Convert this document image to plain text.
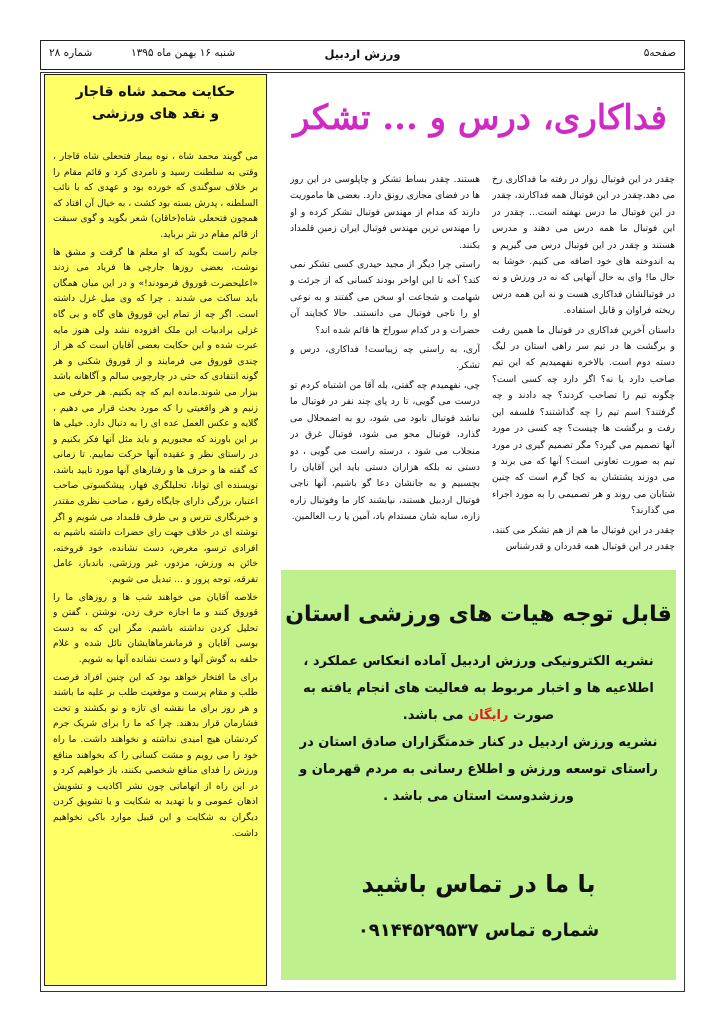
صفحه۵
ورزش اردبیل
شنبه ۱۶ بهمن ماه ۱۳۹۵
شماره ۲۸
حکایت محمد شاه قاجار
و نقد های ورزشی

می گویند محمد شاه ، نوه بیمار فتحعلی شاه قاجار ، وقتی به سلطنت رسید و نامردی کرد و قائم مقام را بر خلاف سوگندی که خورده بود و عهدی که با نائب السلطنه ، پدرش بسته بود کشت ، به خیال آن افتاد که همچون فتحعلی شاه(خاقان) شعر بگوید و گوی سبقت از قائم مقام در نثر برباید.

جانم راست بگوید که او معلم ها گرفت و مشق ها نوشت، بعضی روزها جارچی ها فریاد می زدند «اعلیحضرت قوروق فرمودند!» و در این میان همگان باید ساکت می شدند . چرا که وی میل غزل داشته است. اگر چه از تمام این قوروق های گاه و بی گاه غزلی برادبیات این ملک افزوده نشد ولی هنوز مایه عبرت شده و این حکایت بعضی آقایان است که هر از چندی قوروق می فرمایند و از قوروق شکنی و هر گونه انتقادی که حتی در چارچوبی سالم و آگاهانه باشد بیزار می شوند.مانده ایم که چه بکنیم. هر حرفی می زنیم و هر واقعیتی را که مورد بحث قرار می دهیم ، گلایه و عکس العمل عده ای را به دنبال دارد. خیلی ها بر این باورند که مجبوریم و باید مثل آنها فکر بکنیم و در راستای نظر و عقیده آنها حرکت نماییم. تا زمانی که گفته ها و حرف ها و رفتارهای آنها مورد تایید باشد، نویسنده ای توانا، تحلیلگری فهار، پیشکسوتی صاحب اعتبار، بزرگی دارای جایگاه رفیع ، صاحب نظری مقتدر و خبرنگاری نترس و بی طرف قلمداد می شویم و اگر نوشته ای در خلاف جهت رای حضرات داشته باشیم به افرادی ترسو، مغرض، دست نشانده، خود فروخته، خائن به ورزش، مزدور، غیر ورزشی، باندباز، عامل تفرقه، توجه پرور و ... تبدیل می شویم.

خلاصه آقایان می خواهند شب ها و روزهای ما را قوروق کنند و ما اجازه حرف زدن، نوشتن ، گفتن و تحلیل کردن نداشته باشیم. مگر این که به دست بوسی آقایان و فرمانفرماهایشان نائل شده و غلام حلقه به گوش آنها و دست نشانده آنها به شویم.

برای ما افتخار خواهد بود که این چنین افراد فرصت طلب و مقام پرست و موقعیت طلب بر علیه ما باشند و هر روز برای ما نقشه ای تازه و نو بکشند و تحت فشارمان قرار بدهند. چرا که ما را برای شریک جرم کردنشان هیچ امیدی نداشته و نخواهند داشت. ما راه خود را می رویم و مشت کسانی را که بخواهند منافع ورزش را فدای منافع شخصی بکنند، باز خواهیم کرد و در این راه از اتهاماتی چون نشر اکاذیب و تشویش اذهان عمومی و یا تهدید به شکایت و یا تشویق کردن دیگران به شکایت و این قبیل موارد باکی نخواهیم داشت.

فداکاری، درس و ... تشکر

چقدر در این فوتبال زوار در رفته ما فداکاری رخ می دهد.چقدر در این فوتبال همه فداکارند، چقدر در این فوتبال ما درس نهفته است... چقدر در این فوتبال ما همه درس می دهند و مدرس هستند و چقدر در این فوتبال درس می گیریم و به اندوخته های خود اضافه می کنیم. خوشا به حال ما! وای به حال آنهایی که نه در ورزش و نه در فوتبالشان فداکاری هست و نه این همه درس ریخته فراوان و قابل استفاده.

داستان آخرین فداکاری در فوتبال ما همین رفت و برگشت ها در تیم سر راهی استان در لیگ دسته دوم است. بالاخره نفهمیدیم که این تیم صاحب دارد یا نه؟ اگر دارد چه کسی است؟ چگونه تیم را تصاحب کردند؟ چه دادند و چه گرفتند؟ اسم تیم را چه گذاشتند؟ فلسفه این رفت و برگشت ها چیست؟ چه کسی در مورد آنها تصمیم می گیرد؟ مگر تصمیم گیری در مورد تیم به صورت تعاونی است؟ آنها که می برند و می دوزند پشتشان به کجا گرم است که چنین شتابان می روند و هر تصمیمی را به مورد اجراء می گذارند؟

چقدر در این فوتبال ما هم از هم تشکر می کنند، چقدر در این فوتبال همه قدردان و قدرشناس

هستند. چقدر بساط تشکر و چاپلوسی در این روز ها در فضای مجازی رونق دارد. بعضی ها ماموریت دارند که مدام از مهندس فوتبال تشکر کرده و او را مهندس ترین مهندس فوتبال ایران زمین قلمداد بکنند.

راستی چرا دیگر از مجید حیدری کسی تشکر نمی کند؟ آخه تا این اواخر بودند کسانی که از جرئت و شهامت و شجاعت او سخن می گفتند و به نوعی او را ناجی فوتبال می دانستند. حالا کجایند آن حضرات و در کدام سوراخ ها قائم شده اند؟

آری، به راستی چه زیباست! فداکاری، درس و تشکر.

چی، نفهمیدم چه گفتی، بله آقا من اشتباه کردم تو درست می گویی، تا رد پای چند نفر در فوتبال ما نباشد فوتبال نابود می شود، رو به اضمحلال می گذارد، فوتبال محو می شود، فوتبال غرق در منجلاب می شود ، درسته راست می گویی ، دو دستی نه بلکه هزاران دستی باید این آقایان را بچسبیم و به جانشان دعا گو باشیم، آنها ناجی فوتبال اردبیل هستند، نیابشند کار ما وفوتبال زاره زاره، سایه شان مستدام باد، آمین یا رب العالمین.

قابل توجه هیات های ورزشی استان
نشریه الکترونیکی ورزش اردبیل آماده انعکاس عملکرد ، اطلاعیه ها و اخبار مربوط به فعالیت های انجام یافته به صورت رایگان می باشد.
نشریه ورزش اردبیل در کنار خدمتگزاران صادق استان در راستای توسعه ورزش و اطلاع رسانی به مردم قهرمان و ورزشدوست استان می باشد .
با ما در تماس باشید
شماره تماس ۰۹۱۴۴۵۲۹۵۳۷
